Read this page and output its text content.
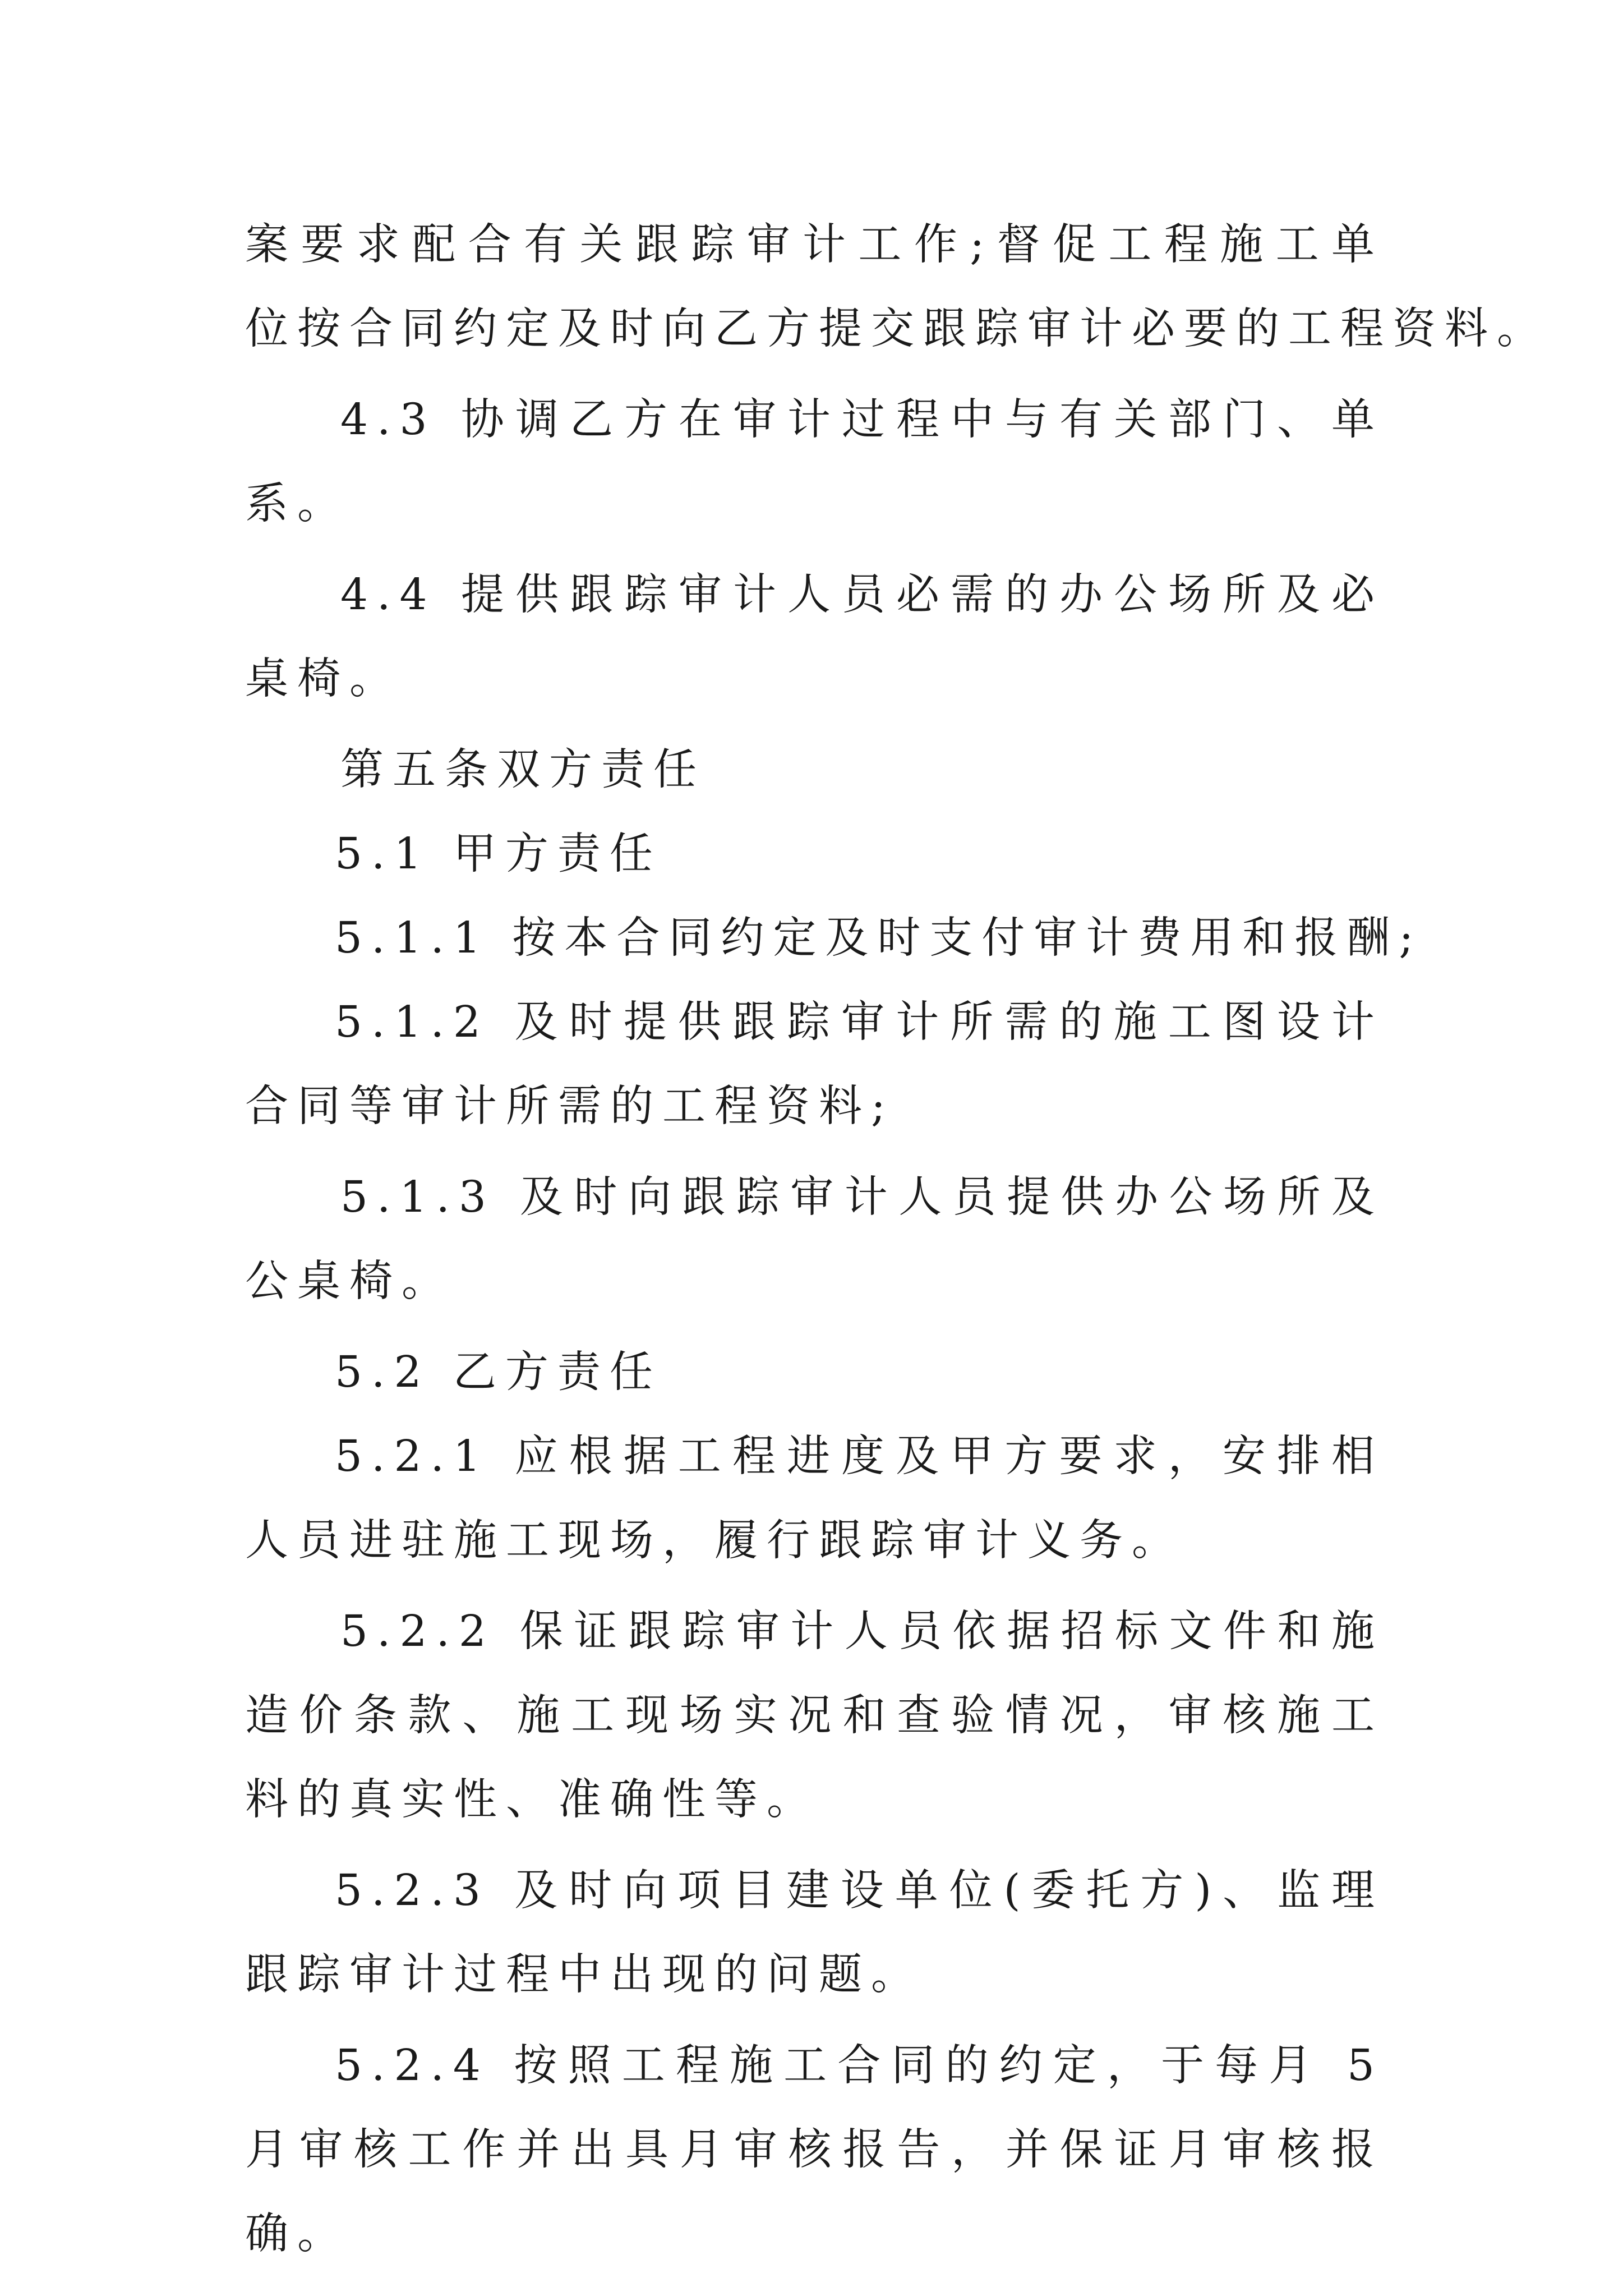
案要求配合有关跟踪审计工作;督促工程施工单
位按合同约定及时向乙方提交跟踪审计必要的工程资料。
4.3 协调乙方在审计过程中与有关部门、单
系。
4.4 提供跟踪审计人员必需的办公场所及必
桌椅。
第五条双方责任
5.1 甲方责任
5.1.1 按本合同约定及时支付审计费用和报酬;
5.1.2 及时提供跟踪审计所需的施工图设计
合同等审计所需的工程资料;
5.1.3 及时向跟踪审计人员提供办公场所及
公桌椅。
5.2 乙方责任
5.2.1 应根据工程进度及甲方要求，安排相
人员进驻施工现场，履行跟踪审计义务。
5.2.2 保证跟踪审计人员依据招标文件和施
造价条款、施工现场实况和查验情况，审核施工
料的真实性、准确性等。
5.2.3 及时向项目建设单位(委托方)、监理
跟踪审计过程中出现的问题。
5.2.4 按照工程施工合同的约定，于每月 5
月审核工作并出具月审核报告，并保证月审核报
确。
